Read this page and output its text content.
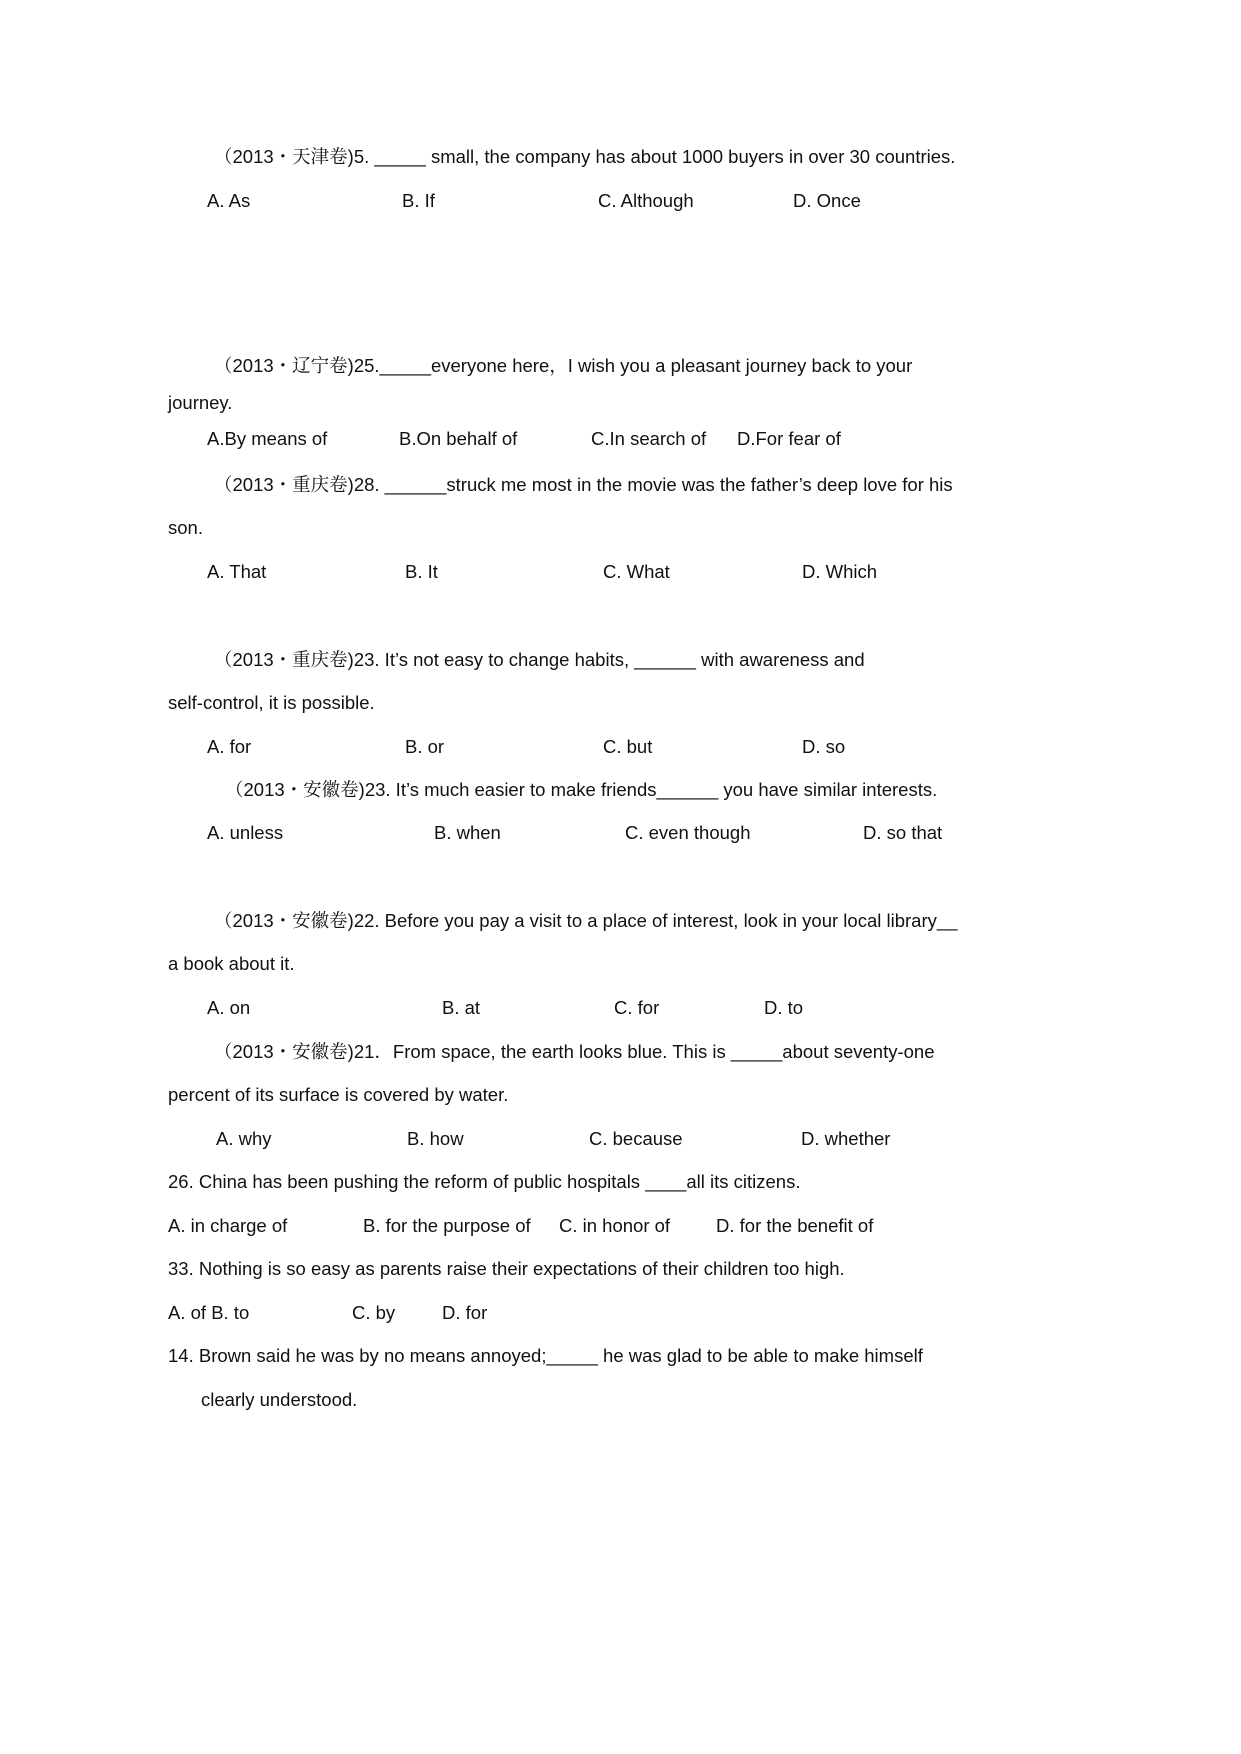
（2013・天津卷)5. _____ small, the company has about 1000 buyers in over 30 countries.
A. As	B. If	C. Although	D. Once
（2013・辽宁卷)25._____everyone here，I wish you a pleasant journey back to your
journey.
A.By means of	B.On behalf of	C.In search of D.For fear of
（2013・重庆卷)28. ______struck me most in the movie was the father’s deep love for his
son.
A. That	B. It	C. What	D. Which
（2013・重庆卷)23. It’s not easy to change habits, ______ with awareness and
self-control, it is possible.
A. for	B. or	C. but	D. so
（2013・安徽卷)23. It’s much easier to make friends______ you have similar interests.
A. unless	B. when	C. even though	D. so that
（2013・安徽卷)22. Before you pay a visit to a place of interest, look in your local library__
a book about it.
A. on	B. at	C. for	D. to
（2013・安徽卷)21．From space, the earth looks blue. This is _____about seventy-one
percent of its surface is covered by water.
A. why	B. how	C. because	D. whether
26. China has been pushing the reform of public hospitals ____all its citizens.
A. in charge of	B. for the purpose of C. in honor of D. for the benefit of
33. Nothing is so easy as parents raise their expectations of their children too high.
A. of B. to	C. by	D. for
14. Brown said he was by no means annoyed;_____ he was glad to be able to make himself
clearly understood.
